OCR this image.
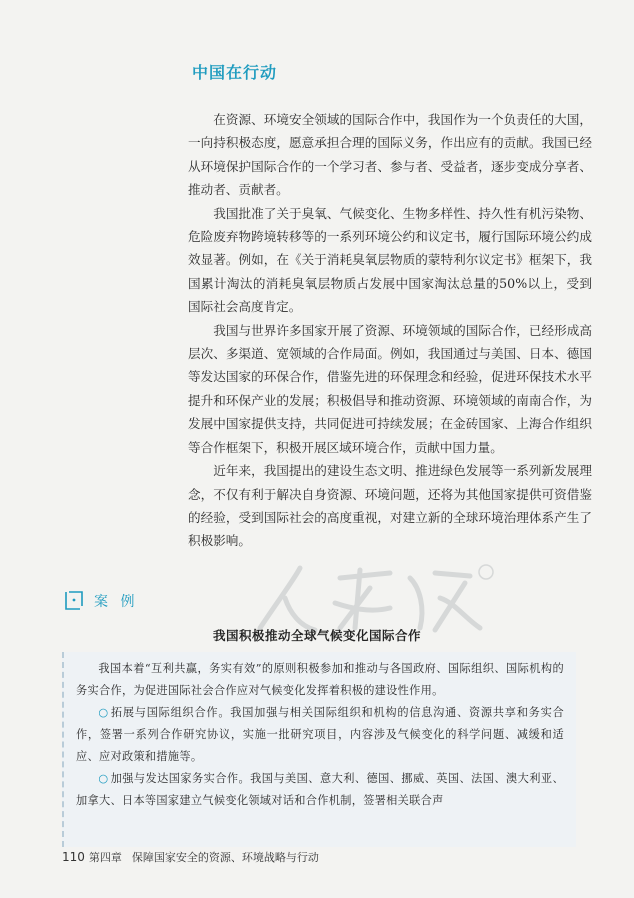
中国在行动

在资源、环境安全领域的国际合作中，我国作为一个负责任的大国，一向持积极态度，愿意承担合理的国际义务，作出应有的贡献。我国已经从环境保护国际合作的一个学习者、参与者、受益者，逐步变成分享者、推动者、贡献者。

我国批准了关于臭氧、气候变化、生物多样性、持久性有机污染物、危险废弃物跨境转移等的一系列环境公约和议定书，履行国际环境公约成效显著。例如，在《关于消耗臭氧层物质的蒙特利尔议定书》框架下，我国累计淘汰的消耗臭氧层物质占发展中国家淘汰总量的50%以上，受到国际社会高度肯定。

我国与世界许多国家开展了资源、环境领域的国际合作，已经形成高层次、多渠道、宽领域的合作局面。例如，我国通过与美国、日本、德国等发达国家的环保合作，借鉴先进的环保理念和经验，促进环保技术水平提升和环保产业的发展；积极倡导和推动资源、环境领域的南南合作，为发展中国家提供支持，共同促进可持续发展；在金砖国家、上海合作组织等合作框架下，积极开展区域环境合作，贡献中国力量。

近年来，我国提出的建设生态文明、推进绿色发展等一系列新发展理念，不仅有利于解决自身资源、环境问题，还将为其他国家提供可资借鉴的经验，受到国际社会的高度重视，对建立新的全球环境治理体系产生了积极影响。

案 例
我国积极推动全球气候变化国际合作

我国本着“互利共赢，务实有效”的原则积极参加和推动与各国政府、国际组织、国际机构的务实合作，为促进国际社会合作应对气候变化发挥着积极的建设性作用。

○ 拓展与国际组织合作。我国加强与相关国际组织和机构的信息沟通、资源共享和务实合作，签署一系列合作研究协议，实施一批研究项目，内容涉及气候变化的科学问题、减缓和适应、应对政策和措施等。

○ 加强与发达国家务实合作。我国与美国、意大利、德国、挪威、英国、法国、澳大利亚、加拿大、日本等国家建立气候变化领域对话和合作机制，签署相关联合声

110 第四章 保障国家安全的资源、环境战略与行动
